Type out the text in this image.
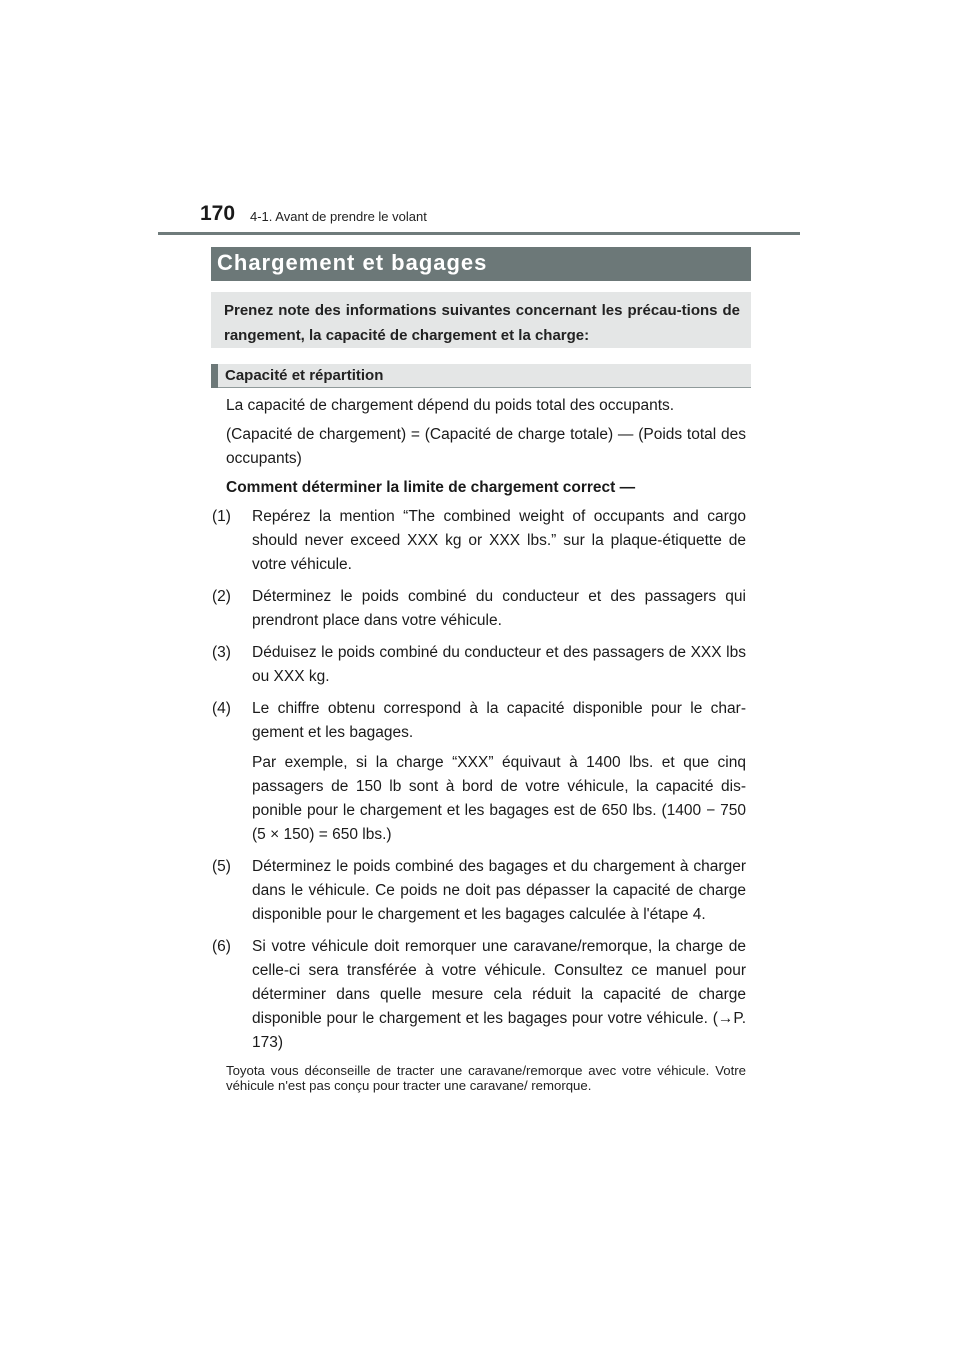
170 4-1. Avant de prendre le volant
Chargement et bagages

Prenez note des informations suivantes concernant les précau-tions de rangement, la capacité de chargement et la charge:

Capacité et répartition

La capacité de chargement dépend du poids total des occupants.

(Capacité de chargement) = (Capacité de charge totale) — (Poids total des occupants)

Comment déterminer la limite de chargement correct —

(1) Repérez la mention “The combined weight of occupants and cargo should never exceed XXX kg or XXX lbs.” sur la plaque-étiquette de votre véhicule.
(2) Déterminez le poids combiné du conducteur et des passagers qui prendront place dans votre véhicule.
(3) Déduisez le poids combiné du conducteur et des passagers de XXX lbs ou XXX kg.
(4) Le chiffre obtenu correspond à la capacité disponible pour le char-gement et les bagages.
Par exemple, si la charge “XXX” équivaut à 1400 lbs. et que cinq passagers de 150 lb sont à bord de votre véhicule, la capacité dis-ponible pour le chargement et les bagages est de 650 lbs. (1400 − 750 (5 × 150) = 650 lbs.)
(5) Déterminez le poids combiné des bagages et du chargement à charger dans le véhicule. Ce poids ne doit pas dépasser la capacité de charge disponible pour le chargement et les bagages calculée à l'étape 4.
(6) Si votre véhicule doit remorquer une caravane/remorque, la charge de celle-ci sera transférée à votre véhicule. Consultez ce manuel pour déterminer dans quelle mesure cela réduit la capacité de charge disponible pour le chargement et les bagages pour votre véhicule. (→P. 173)

Toyota vous déconseille de tracter une caravane/remorque avec votre véhicule. Votre véhicule n'est pas conçu pour tracter une caravane/ remorque.
